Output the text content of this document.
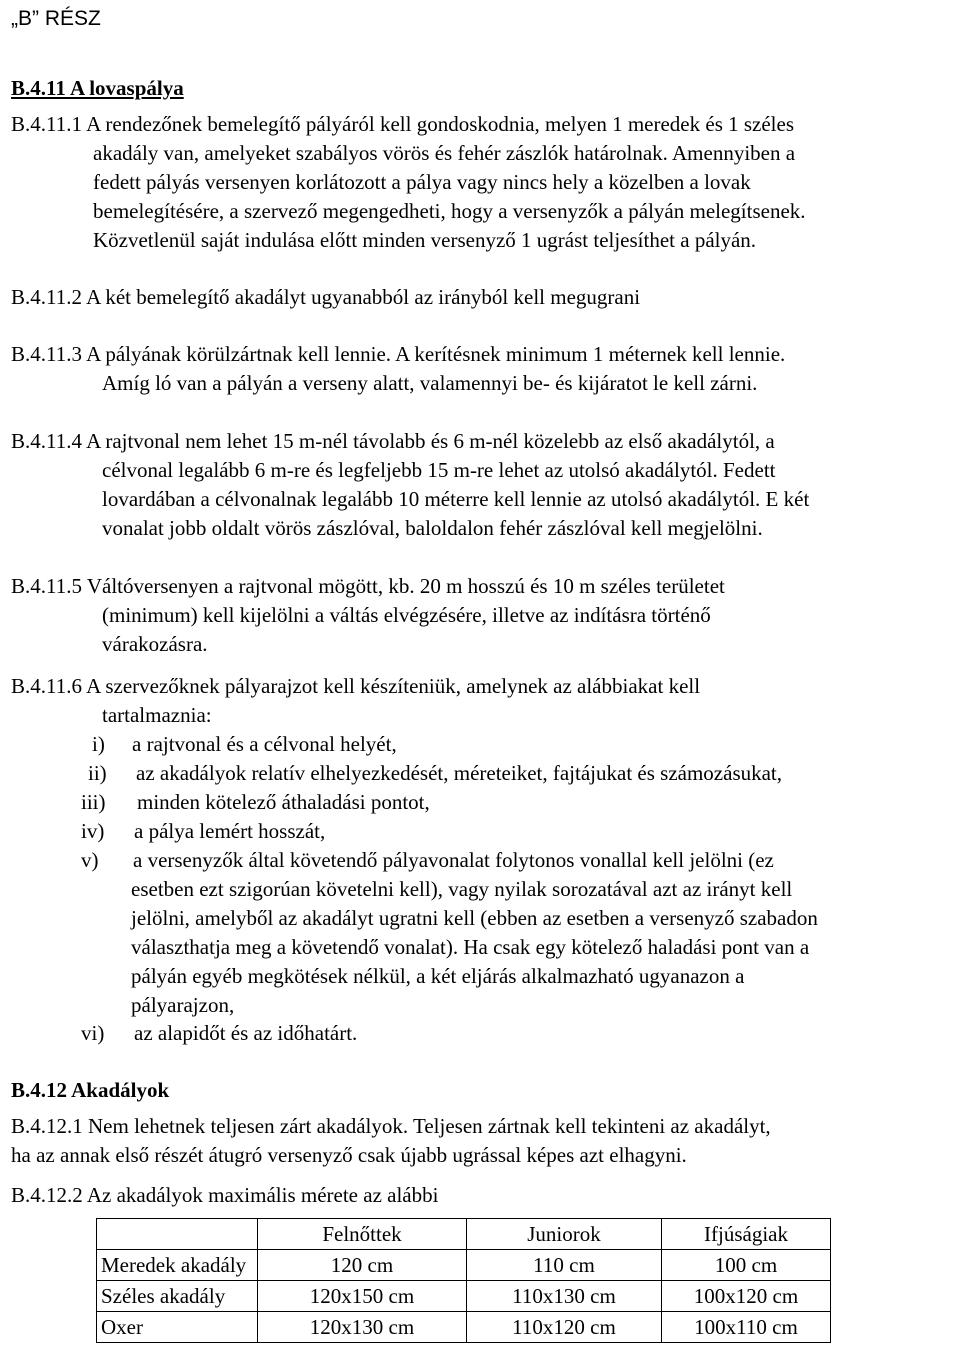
„B” RÉSZ
B.4.11 A lovaspálya
B.4.11.1 A rendezőnek bemelegítő pályáról kell gondoskodnia, melyen 1 meredek és 1 széles
akadály van, amelyeket szabályos vörös és fehér zászlók határolnak. Amennyiben a
fedett pályás versenyen korlátozott a pálya vagy nincs hely a közelben a lovak
bemelegítésére, a szervező megengedheti, hogy a versenyzők a pályán melegítsenek.
Közvetlenül saját indulása előtt minden versenyző 1 ugrást teljesíthet a pályán.
B.4.11.2 A két bemelegítő akadályt ugyanabból az irányból kell megugrani
B.4.11.3 A pályának körülzártnak kell lennie. A kerítésnek minimum 1 méternek kell lennie.
Amíg ló van a pályán a verseny alatt, valamennyi be- és kijáratot le kell zárni.
B.4.11.4 A rajtvonal nem lehet 15 m-nél távolabb és 6 m-nél közelebb az első akadálytól, a
célvonal legalább 6 m-re és legfeljebb 15 m-re lehet az utolsó akadálytól. Fedett
lovardában a célvonalnak legalább 10 méterre kell lennie az utolsó akadálytól. E két
vonalat jobb oldalt vörös zászlóval, baloldalon fehér zászlóval kell megjelölni.
B.4.11.5 Váltóversenyen a rajtvonal mögött, kb. 20 m hosszú és 10 m széles területet
(minimum) kell kijelölni a váltás elvégzésére, illetve az indításra történő
várakozásra.
B.4.11.6 A szervezőknek pályarajzot kell készíteniük, amelynek az alábbiakat kell
tartalmaznia:
i) a rajtvonal és a célvonal helyét,
ii) az akadályok relatív elhelyezkedését, méreteiket, fajtájukat és számozásukat,
iii) minden kötelező áthaladási pontot,
iv) a pálya lemért hosszát,
v) a versenyzők által követendő pályavonalat folytonos vonallal kell jelölni (ez
esetben ezt szigorúan követelni kell), vagy nyilak sorozatával azt az irányt kell
jelölni, amelyből az akadályt ugratni kell (ebben az esetben a versenyző szabadon
választhatja meg a követendő vonalat). Ha csak egy kötelező haladási pont van a
pályán egyéb megkötések nélkül, a két eljárás alkalmazható ugyanazon a
pályarajzon,
vi) az alapidőt és az időhatárt.
B.4.12 Akadályok
B.4.12.1 Nem lehetnek teljesen zárt akadályok. Teljesen zártnak kell tekinteni az akadályt,
ha az annak első részét átugró versenyző csak újabb ugrással képes azt elhagyni.
B.4.12.2 Az akadályok maximális mérete az alábbi
	Felnőttek	Juniorok	Ifjúságiak
Meredek akadály	120 cm	110 cm	100 cm
Széles akadály	120x150 cm	110x130 cm	100x120 cm
Oxer	120x130 cm	110x120 cm	100x110 cm
